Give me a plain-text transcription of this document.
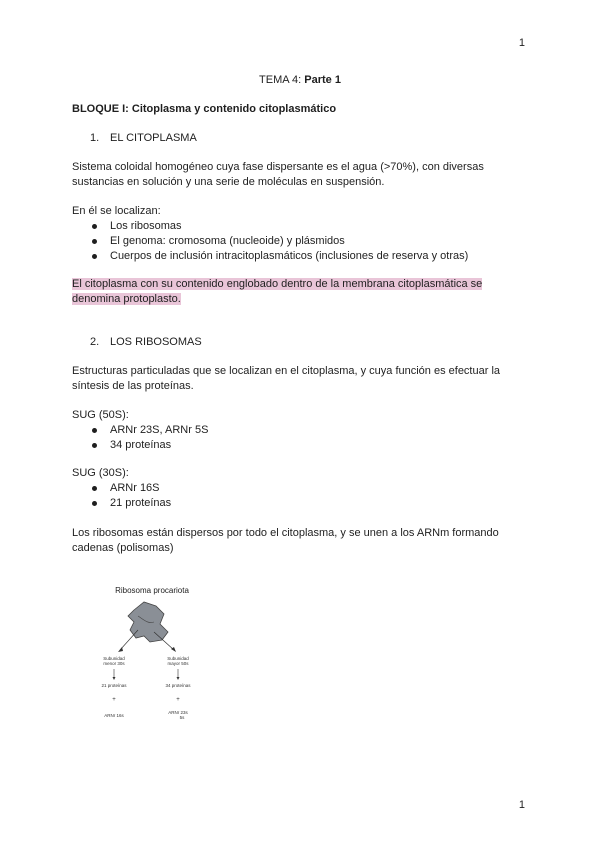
1
TEMA 4: Parte 1
BLOQUE I: Citoplasma y contenido citoplasmático
1. EL CITOPLASMA

Sistema coloidal homogéneo cuya fase dispersante es el agua (>70%), con diversas sustancias en solución y una serie de moléculas en suspensión.

En él se localizan:

Los ribosomas
El genoma: cromosoma (nucleoide) y plásmidos
Cuerpos de inclusión intracitoplasmáticos (inclusiones de reserva y otras)

El citoplasma con su contenido englobado dentro de la membrana citoplasmática se denomina protoplasto.

2. LOS RIBOSOMAS

Estructuras particuladas que se localizan en el citoplasma, y cuya función es efectuar la síntesis de las proteínas.

SUG (50S):

ARNr 23S, ARNr 5S
34 proteínas

SUG (30S):

ARNr 16S
21 proteínas

Los ribosomas están dispersos por todo el citoplasma, y se unen a los ARNm formando cadenas (polisomas)

Ribosoma procariota
Subunidad
menor 30s
Subunidad
mayor 50s
21 proteínas	34 proteínas
+	+
ARNr 16s
ARNr 23s
5s
1
